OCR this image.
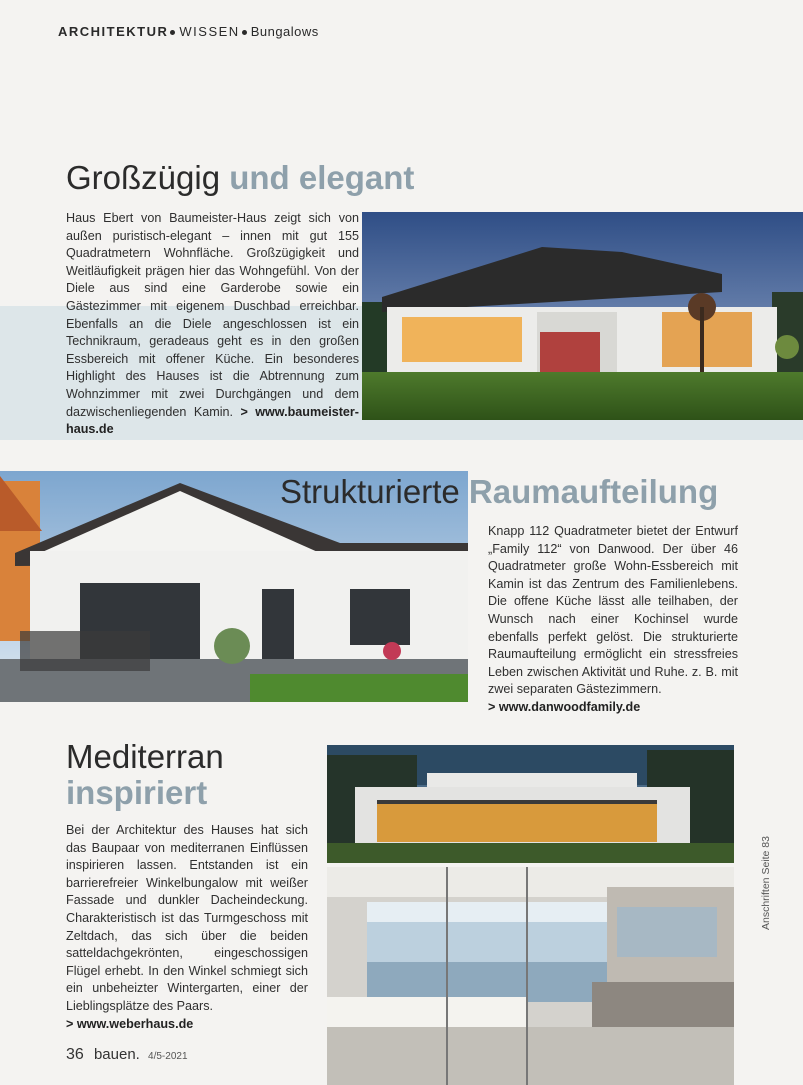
ARCHITEKTUR WISSEN Bungalows
Großzügig und elegant
Haus Ebert von Baumeister-Haus zeigt sich von außen puristisch-elegant – innen mit gut 155 Quadratmetern Wohnfläche. Großzügigkeit und Weitläufigkeit prägen hier das Wohngefühl. Von der Diele aus sind eine Garderobe sowie ein Gästezimmer mit eigenem Duschbad erreichbar. Ebenfalls an die Diele angeschlossen ist ein Technikraum, geradeaus geht es in den großen Essbereich mit offener Küche. Ein besonderes Highlight des Hauses ist die Abtrennung zum Wohnzimmer mit zwei Durchgängen und dem dazwischenliegenden Kamin. > www.baumeister-haus.de
Strukturierte Raumaufteilung
Knapp 112 Quadratmeter bietet der Entwurf „Family 112“ von Danwood. Der über 46 Quadratmeter große Wohn-Essbereich mit Kamin ist das Zentrum des Familienlebens. Die offene Küche lässt alle teilhaben, der Wunsch nach einer Kochinsel wurde ebenfalls perfekt gelöst. Die strukturierte Raumaufteilung ermöglicht ein stressfreies Leben zwischen Aktivität und Ruhe. z. B. mit zwei separaten Gästezimmern.
> www.danwoodfamily.de
Mediterran
inspiriert
Bei der Architektur des Hauses hat sich das Baupaar von mediterranen Einflüssen inspirieren lassen. Entstanden ist ein barrierefreier Winkelbungalow mit weißer Fassade und dunkler Dacheindeckung. Charakteristisch ist das Turmgeschoss mit Zeltdach, das sich über die beiden satteldachgekrönten, eingeschossigen Flügel erhebt. In den Winkel schmiegt sich ein unbeheizter Wintergarten, einer der Lieblingsplätze des Paars.
> www.weberhaus.de
36 bauen. 4/5-2021
Anschriften Seite 83
